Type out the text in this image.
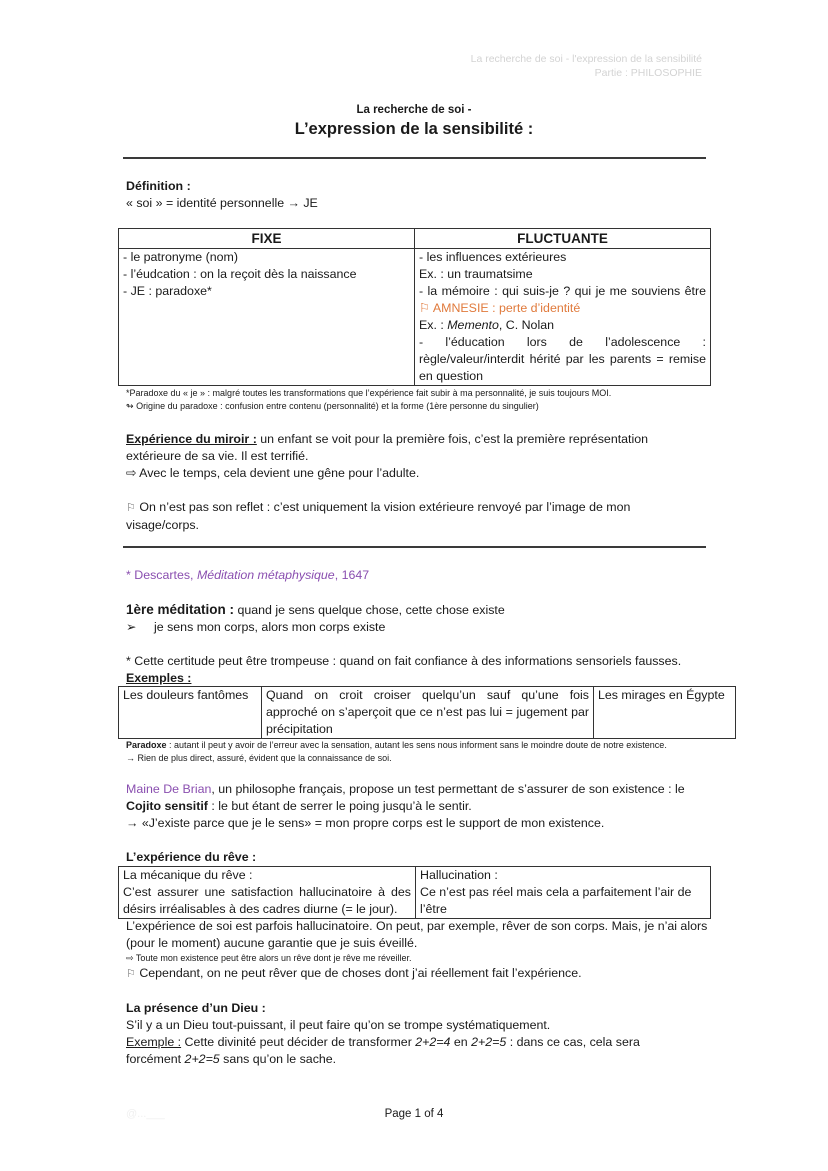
La recherche de soi - l'expression de la sensibilité
Partie : PHILOSOPHIE
La recherche de soi -
L’expression de la sensibilité :
Définition :
« soi » = identité personnelle → JE
FIXE	FLUCTUANTE

- le patronyme (nom)
- l’éudcation : on la reçoit dès la naissance
- JE : paradoxe*

- les influences extérieures
Ex. : un traumatsime
- la mémoire : qui suis-je ? qui je me souviens être ⚐ AMNESIE : perte d’identité
Ex. : Memento, C. Nolan
- l’éducation lors de l’adolescence : règle/valeur/interdit hérité par les parents = remise en question
*Paradoxe du « je » : malgré toutes les transformations que l’expérience fait subir à ma personnalité, je suis toujours MOI.
↬ Origine du paradoxe : confusion entre contenu (personnalité) et la forme (1ère personne du singulier)
Expérience du miroir : un enfant se voit pour la première fois, c’est la première représentation extérieure de sa vie. Il est terrifié.
⇨ Avec le temps, cela devient une gêne pour l’adulte.
⚐ On n’est pas son reflet : c’est uniquement la vision extérieure renvoyé par l’image de mon visage/corps.
* Descartes, Méditation métaphysique, 1647
1ère méditation : quand je sens quelque chose, cette chose existe
➢ je sens mon corps, alors mon corps existe
* Cette certitude peut être trompeuse : quand on fait confiance à des informations sensoriels fausses.
Exemples :
Les douleurs fantômes	Quand on croit croiser quelqu’un sauf qu’une fois approché on s’aperçoit que ce n’est pas lui = jugement par précipitation	Les mirages en Égypte
Paradoxe : autant il peut y avoir de l’erreur avec la sensation, autant les sens nous informent sans le moindre doute de notre existence.
→ Rien de plus direct, assuré, évident que la connaissance de soi.
Maine De Brian, un philosophe français, propose un test permettant de s’assurer de son existence : le
Cojito sensitif : le but étant de serrer le poing jusqu’à le sentir.
→ «J’existe parce que je le sens» = mon propre corps est le support de mon existence.
L’expérience du rêve :
La mécanique du rêve :
C’est assurer une satisfaction hallucinatoire à des désirs irréalisables à des cadres diurne (= le jour).

Hallucination :
Ce n’est pas réel mais cela a parfaitement l’air de l’être
L’expérience de soi est parfois hallucinatoire. On peut, par exemple, rêver de son corps. Mais, je n’ai alors (pour le moment) aucune garantie que je suis éveillé.
⇨ Toute mon existence peut être alors un rêve dont je rêve me réveiller.
⚐ Cependant, on ne peut rêver que de choses dont j’ai réellement fait l’expérience.
La présence d’un Dieu :
S’il y a un Dieu tout-puissant, il peut faire qu’on se trompe systématiquement.
Exemple : Cette divinité peut décider de transformer 2+2=4 en 2+2=5 : dans ce cas, cela sera forcément 2+2=5 sans qu’on le sache.
@...___	Page 1 of 4
